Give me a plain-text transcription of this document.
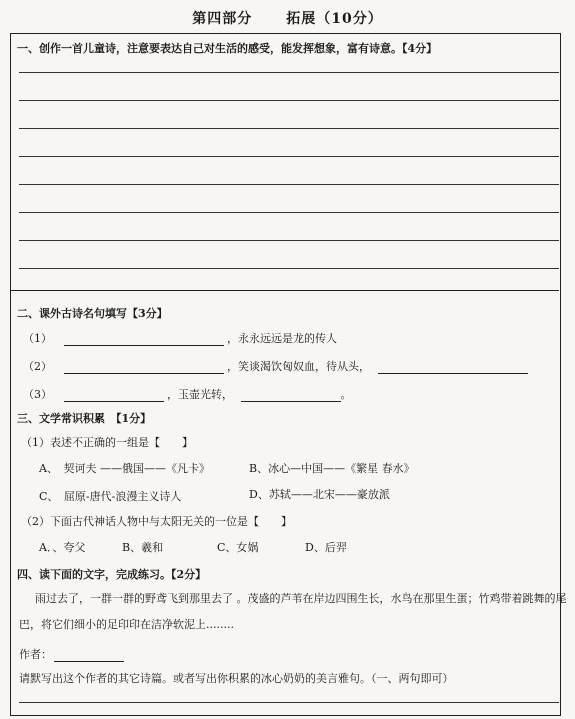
第四部分 拓展（10分）
一、创作一首儿童诗，注意要表达自己对生活的感受，能发挥想象，富有诗意。【4分】
二、课外古诗名句填写【3分】
（1）	，永永远远是龙的传人
（2）	，笑谈渴饮匈奴血，待从头，
（3）	，玉壶光转，	。
三、文学常识积累　【1分】
（1）表述不正确的一组是【　　】
A、　契诃夫 ——俄国——《凡卡》	B、冰心—中国——《繁星 春水》
C、　屈原-唐代-浪漫主义诗人	D、苏轼——北宋——豪放派
（2）下面古代神话人物中与太阳无关的一位是【　　】
A．、夸父	B、羲和	C、女娲	D、后羿
四、读下面的文字，完成练习。【2分】
雨过去了，一群一群的野鸢飞到那里去了 。茂盛的芦苇在岸边四围生长，水鸟在那里生蛋；竹鸡带着跳舞的尾
巴，将它们细小的足印印在洁净软泥上........
作者：
请默写出这个作者的其它诗篇。或者写出你积累的冰心奶奶的美言雅句。（一、两句即可）
